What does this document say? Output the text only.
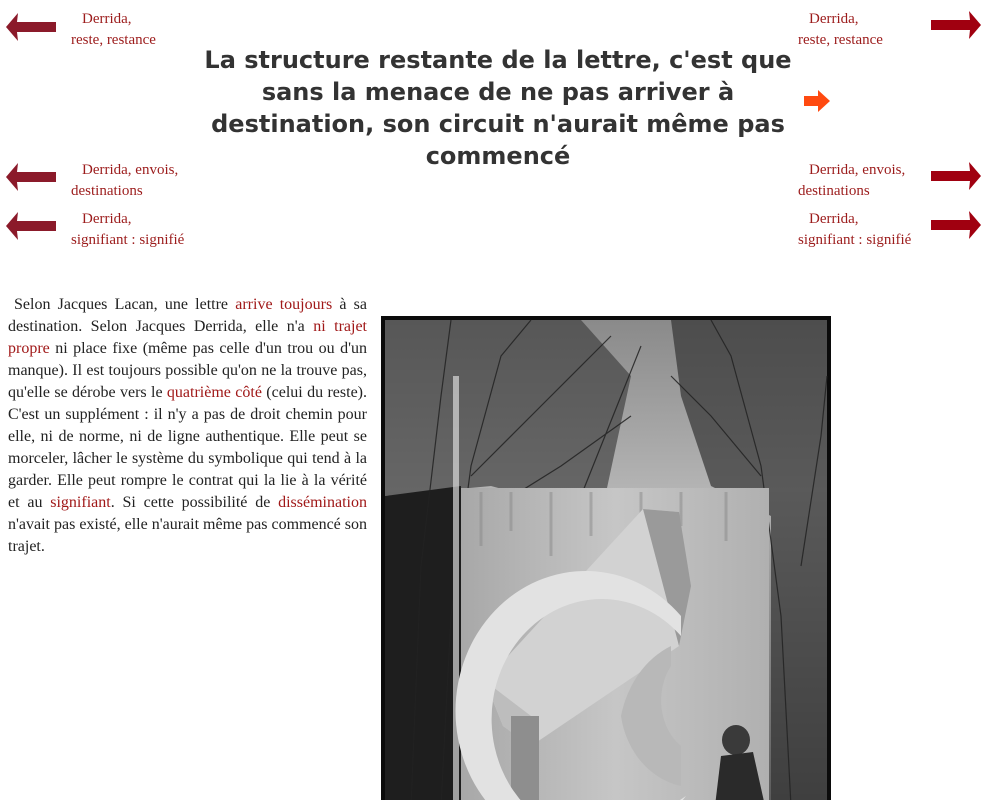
Derrida,
reste, restance
Derrida, envois,
destinations
Derrida,
signifiant : signifié
Derrida,
reste, restance
Derrida, envois,
destinations
Derrida,
signifiant : signifié
La structure restante de la lettre, c'est que sans la menace de ne pas arriver à destination, son circuit n'aurait même pas commencé

Selon Jacques Lacan, une lettre arrive toujours à sa destination. Selon Jacques Derrida, elle n'a ni trajet propre ni place fixe (même pas celle d'un trou ou d'un manque). Il est toujours possible qu'on ne la trouve pas, qu'elle se dérobe vers le quatrième côté (celui du reste). C'est un supplément : il n'y a pas de droit chemin pour elle, ni de norme, ni de ligne authentique. Elle peut se morceler, lâcher le système du symbolique qui tend à la garder. Elle peut rompre le contrat qui la lie à la vérité et au signifiant. Si cette possibilité de dissémination n'avait pas existé, elle n'aurait même pas commencé son trajet.
